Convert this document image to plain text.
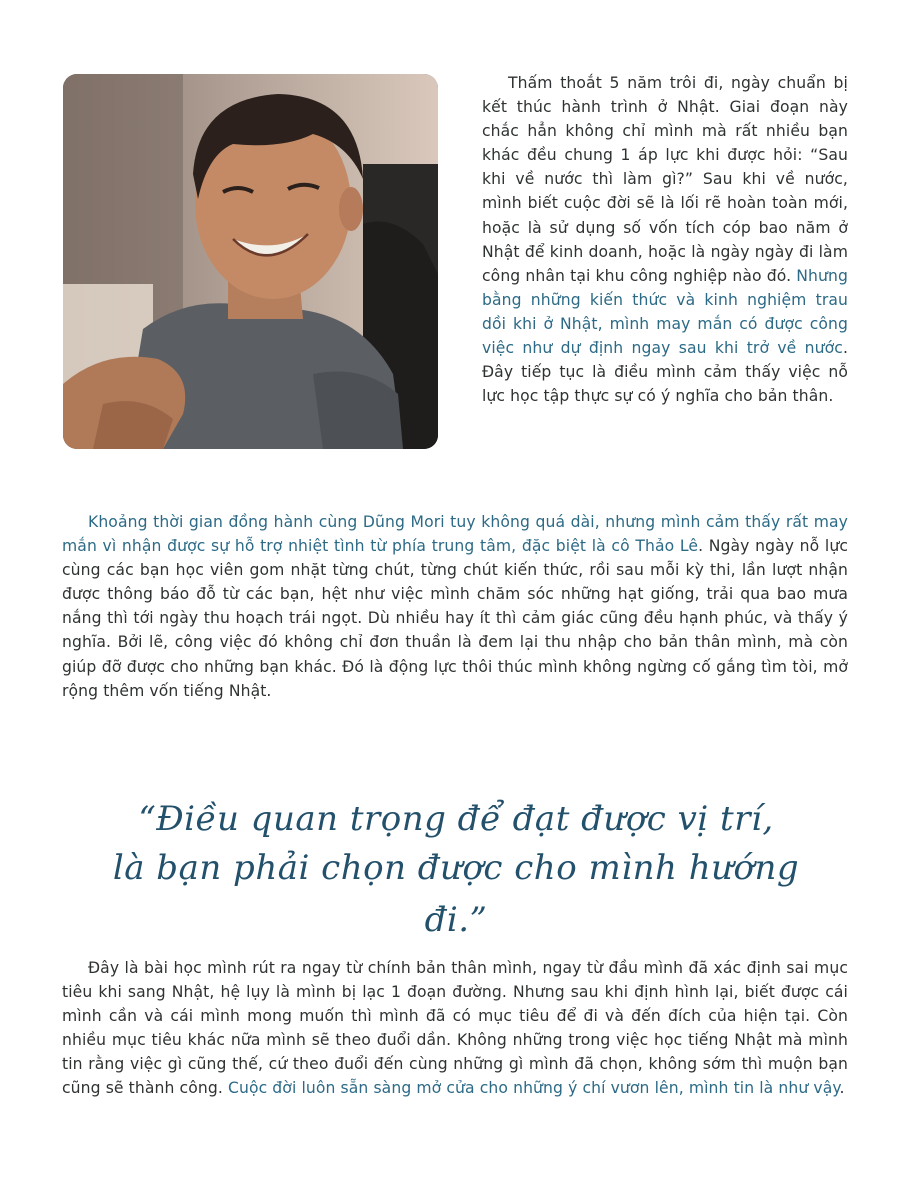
Thấm thoắt 5 năm trôi đi, ngày chuẩn bị kết thúc hành trình ở Nhật. Giai đoạn này chắc hẳn không chỉ mình mà rất nhiều bạn khác đều chung 1 áp lực khi được hỏi: “Sau khi về nước thì làm gì?” Sau khi về nước, mình biết cuộc đời sẽ là lối rẽ hoàn toàn mới, hoặc là sử dụng số vốn tích cóp bao năm ở Nhật để kinh doanh, hoặc là ngày ngày đi làm công nhân tại khu công nghiệp nào đó. Nhưng bằng những kiến thức và kinh nghiệm trau dồi khi ở Nhật, mình may mắn có được công việc như dự định ngay sau khi trở về nước. Đây tiếp tục là điều mình cảm thấy việc nỗ lực học tập thực sự có ý nghĩa cho bản thân.

Khoảng thời gian đồng hành cùng Dũng Mori tuy không quá dài, nhưng mình cảm thấy rất may mắn vì nhận được sự hỗ trợ nhiệt tình từ phía trung tâm, đặc biệt là cô Thảo Lê. Ngày ngày nỗ lực cùng các bạn học viên gom nhặt từng chút, từng chút kiến thức, rồi sau mỗi kỳ thi, lần lượt nhận được thông báo đỗ từ các bạn, hệt như việc mình chăm sóc những hạt giống, trải qua bao mưa nắng thì tới ngày thu hoạch trái ngọt. Dù nhiều hay ít thì cảm giác cũng đều hạnh phúc, và thấy ý nghĩa. Bởi lẽ, công việc đó không chỉ đơn thuần là đem lại thu nhập cho bản thân mình, mà còn giúp đỡ được cho những bạn khác. Đó là động lực thôi thúc mình không ngừng cố gắng tìm tòi, mở rộng thêm vốn tiếng Nhật.

“Điều quan trọng để đạt được vị trí,

là bạn phải chọn được cho mình hướng đi.”

Đây là bài học mình rút ra ngay từ chính bản thân mình, ngay từ đầu mình đã xác định sai mục tiêu khi sang Nhật, hệ lụy là mình bị lạc 1 đoạn đường. Nhưng sau khi định hình lại, biết được cái mình cần và cái mình mong muốn thì mình đã có mục tiêu để đi và đến đích của hiện tại. Còn nhiều mục tiêu khác nữa mình sẽ theo đuổi dần. Không những trong việc học tiếng Nhật mà mình tin rằng việc gì cũng thế, cứ theo đuổi đến cùng những gì mình đã chọn, không sớm thì muộn bạn cũng sẽ thành công. Cuộc đời luôn sẵn sàng mở cửa cho những ý chí vươn lên, mình tin là như vậy.
